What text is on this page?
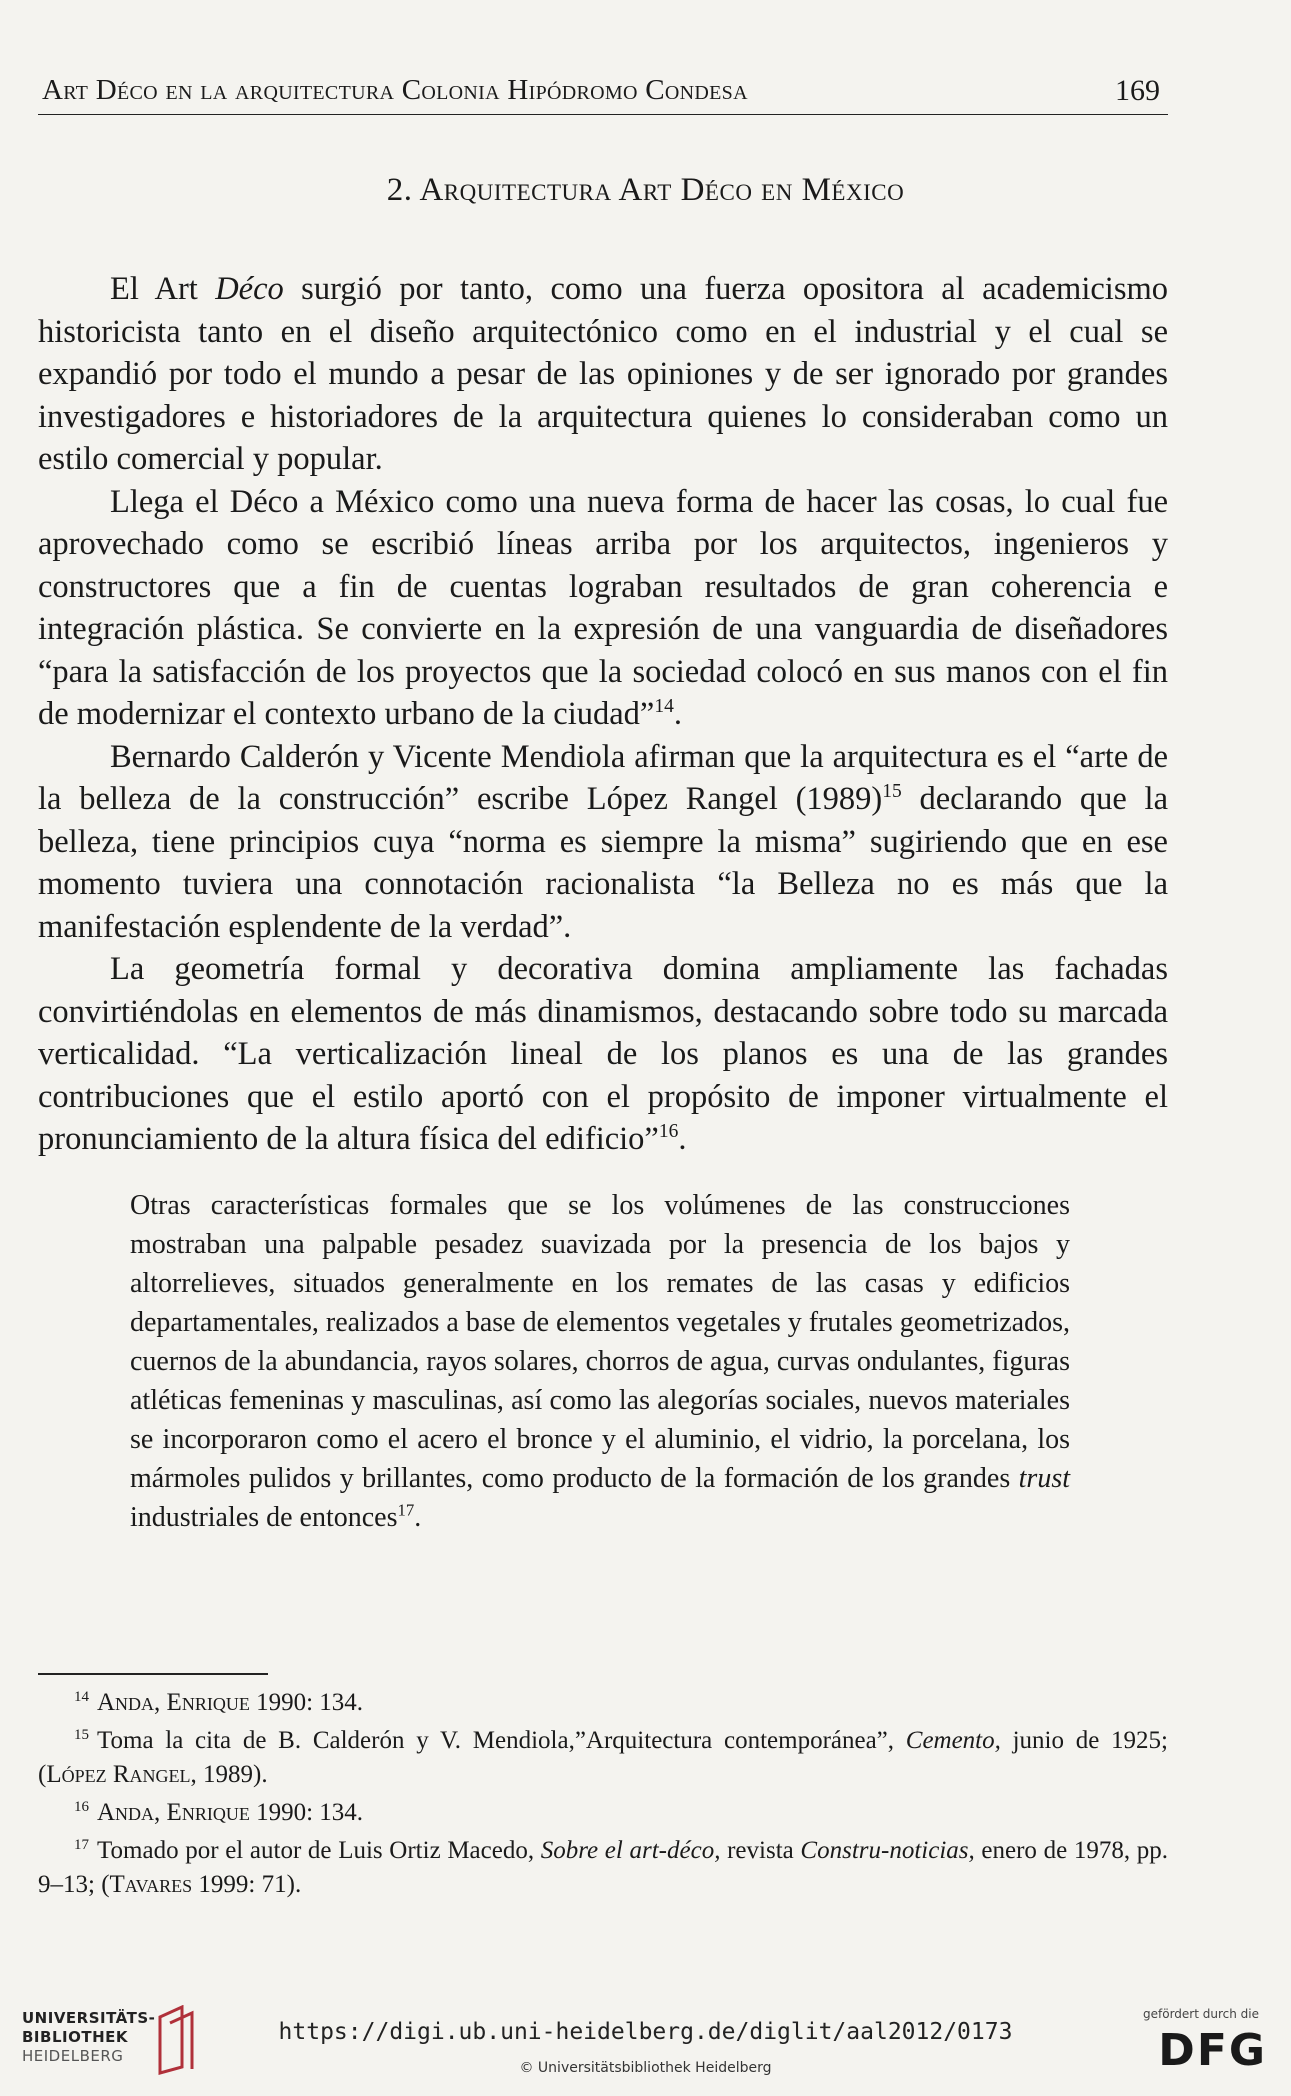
Art Déco en la arquitectura Colonia Hipódromo Condesa	169
2. Arquitectura Art Déco en México

El Art Déco surgió por tanto, como una fuerza opositora al academicismo historicista tanto en el diseño arquitectónico como en el industrial y el cual se expandió por todo el mundo a pesar de las opiniones y de ser ignorado por grandes investigadores e historiadores de la arquitectura quienes lo consideraban como un estilo comercial y popular.

Llega el Déco a México como una nueva forma de hacer las cosas, lo cual fue aprovechado como se escribió líneas arriba por los arquitectos, ingenieros y constructores que a fin de cuentas lograban resultados de gran coherencia e integración plástica. Se convierte en la expresión de una vanguardia de diseñadores “para la satisfacción de los proyectos que la sociedad colocó en sus manos con el fin de modernizar el contexto urbano de la ciudad”$^{14}$.

Bernardo Calderón y Vicente Mendiola afirman que la arquitectura es el “arte de la belleza de la construcción” escribe López Rangel $(1989)^{15}$ declarando que la belleza, tiene principios cuya “norma es siempre la misma” sugiriendo que en ese momento tuviera una connotación racionalista “la Belleza no es más que la manifestación esplendente de la verdad”.

La geometría formal y decorativa domina ampliamente las fachadas convirtiéndolas en elementos de más dinamismos, destacando sobre todo su marcada verticalidad. “La verticalización lineal de los planos es una de las grandes contribuciones que el estilo aportó con el propósito de imponer virtualmente el pronunciamiento de la altura física del edificio”$^{16}$.

Otras características formales que se los volúmenes de las construcciones mostraban una palpable pesadez suavizada por la presencia de los bajos y altorrelieves, situados generalmente en los remates de las casas y edificios departamentales, realizados a base de elementos vegetales y frutales geometrizados, cuernos de la abundancia, rayos solares, chorros de agua, curvas ondulantes, figuras atléticas femeninas y masculinas, así como las alegorías sociales, nuevos materiales se incorporaron como el acero el bronce y el aluminio, el vidrio, la porcelana, los mármoles pulidos y brillantes, como producto de la formación de los grandes trust industriales de entonces$^{17}$.

$^{14}$ Anda, Enrique 1990: 134.

$^{15}$ Toma la cita de B. Calderón y V. Mendiola,”Arquitectura contemporánea”, Cemento, junio de 1925; (López Rangel, 1989).

$^{16}$ Anda, Enrique 1990: 134.

$^{17}$ Tomado por el autor de Luis Ortiz Macedo, Sobre el art-déco, revista Constru-noticias, enero de 1978, pp. 9–13; (Tavares 1999: 71).

UNIVERSITÄTS-
BIBLIOTHEK
HEIDELBERG
https://digi.ub.uni-heidelberg.de/diglit/aal2012/0173
© Universitätsbibliothek Heidelberg
gefördert durch die
DFG
